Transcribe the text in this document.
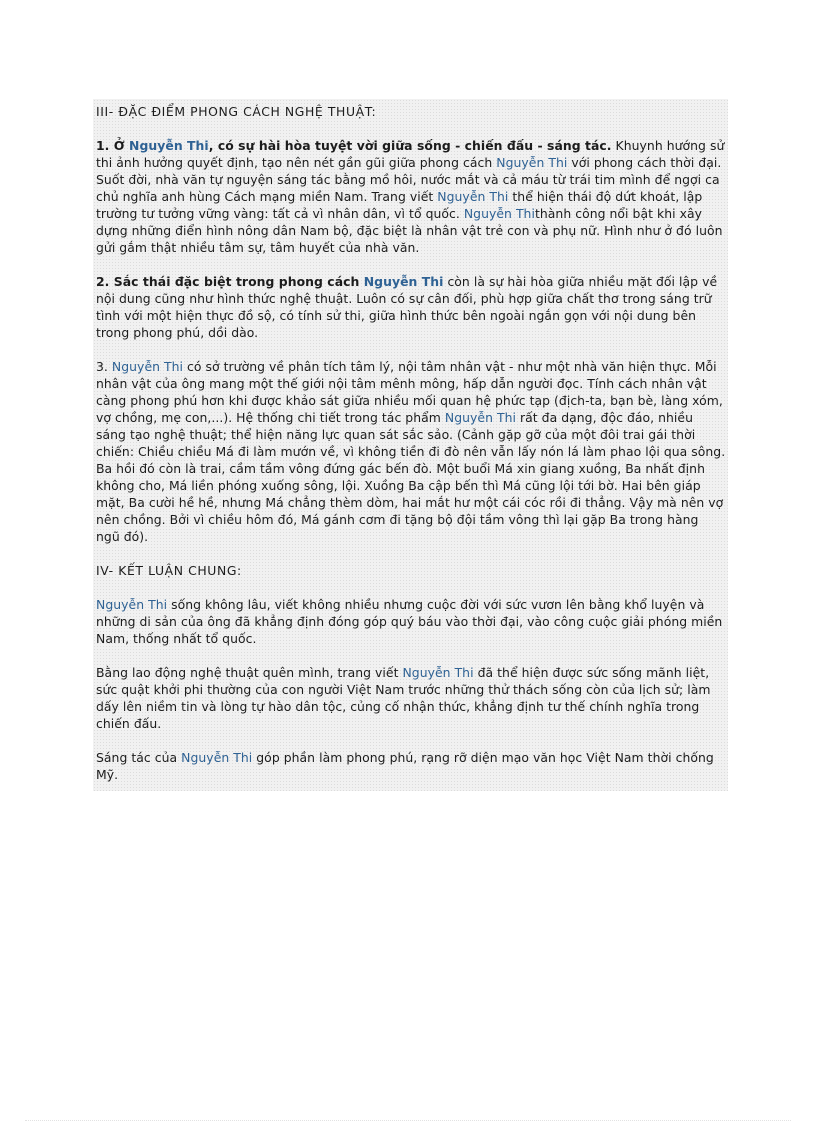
III- ĐẶC ĐIỂM PHONG CÁCH NGHỆ THUẬT:

1. Ở Nguyễn Thi, có sự hài hòa tuyệt vời giữa sống - chiến đấu - sáng tác. Khuynh hướng sử thi ảnh hưởng quyết định, tạo nên nét gần gũi giữa phong cách Nguyễn Thi với phong cách thời đại. Suốt đời, nhà văn tự nguyện sáng tác bằng mồ hôi, nước mắt và cả máu từ trái tim mình để ngợi ca chủ nghĩa anh hùng Cách mạng miền Nam. Trang viết Nguyễn Thi thể hiện thái độ dứt khoát, lập trường tư tưởng vững vàng: tất cả vì nhân dân, vì tổ quốc. Nguyễn Thithành công nổi bật khi xây dựng những điển hình nông dân Nam bộ, đặc biệt là nhân vật trẻ con và phụ nữ. Hình như ở đó luôn gửi gắm thật nhiều tâm sự, tâm huyết của nhà văn.

2. Sắc thái đặc biệt trong phong cách Nguyễn Thi còn là sự hài hòa giữa nhiều mặt đối lập về nội dung cũng như hình thức nghệ thuật. Luôn có sự cân đối, phù hợp giữa chất thơ trong sáng trữ tình với một hiện thực đồ sộ, có tính sử thi, giữa hình thức bên ngoài ngắn gọn với nội dung bên trong phong phú, dồi dào.

3. Nguyễn Thi có sở trường về phân tích tâm lý, nội tâm nhân vật - như một nhà văn hiện thực. Mỗi nhân vật của ông mang một thế giới nội tâm mênh mông, hấp dẫn người đọc. Tính cách nhân vật càng phong phú hơn khi được khảo sát giữa nhiều mối quan hệ phức tạp (địch-ta, bạn bè, làng xóm, vợ chồng, mẹ con,...). Hệ thống chi tiết trong tác phẩm Nguyễn Thi rất đa dạng, độc đáo, nhiều sáng tạo nghệ thuật; thể hiện năng lực quan sát sắc sảo. (Cảnh gặp gỡ của một đôi trai gái thời chiến: Chiều chiều Má đi làm mướn về, vì không tiền đi đò nên vẫn lấy nón lá làm phao lội qua sông. Ba hồi đó còn là trai, cầm tầm vông đứng gác bến đò. Một buổi Má xin giang xuồng, Ba nhất định không cho, Má liền phóng xuống sông, lội. Xuồng Ba cập bến thì Má cũng lội tới bờ. Hai bên giáp mặt, Ba cười hề hề, nhưng Má chẳng thèm dòm, hai mắt hư một cái cóc rồi đi thẳng. Vậy mà nên vợ nên chồng. Bởi vì chiều hôm đó, Má gánh cơm đi tặng bộ đội tầm vông thì lại gặp Ba trong hàng ngũ đó).

IV- KẾT LUẬN CHUNG:

Nguyễn Thi sống không lâu, viết không nhiều nhưng cuộc đời với sức vươn lên bằng khổ luyện và những di sản của ông đã khẳng định đóng góp quý báu vào thời đại, vào công cuộc giải phóng miền Nam, thống nhất tổ quốc.

Bằng lao động nghệ thuật quên mình, trang viết Nguyễn Thi đã thể hiện được sức sống mãnh liệt, sức quật khởi phi thường của con người Việt Nam trước những thử thách sống còn của lịch sử; làm dấy lên niềm tin và lòng tự hào dân tộc, củng cố nhận thức, khẳng định tư thế chính nghĩa trong chiến đấu.

Sáng tác của Nguyễn Thi góp phần làm phong phú, rạng rỡ diện mạo văn học Việt Nam thời chống Mỹ.
